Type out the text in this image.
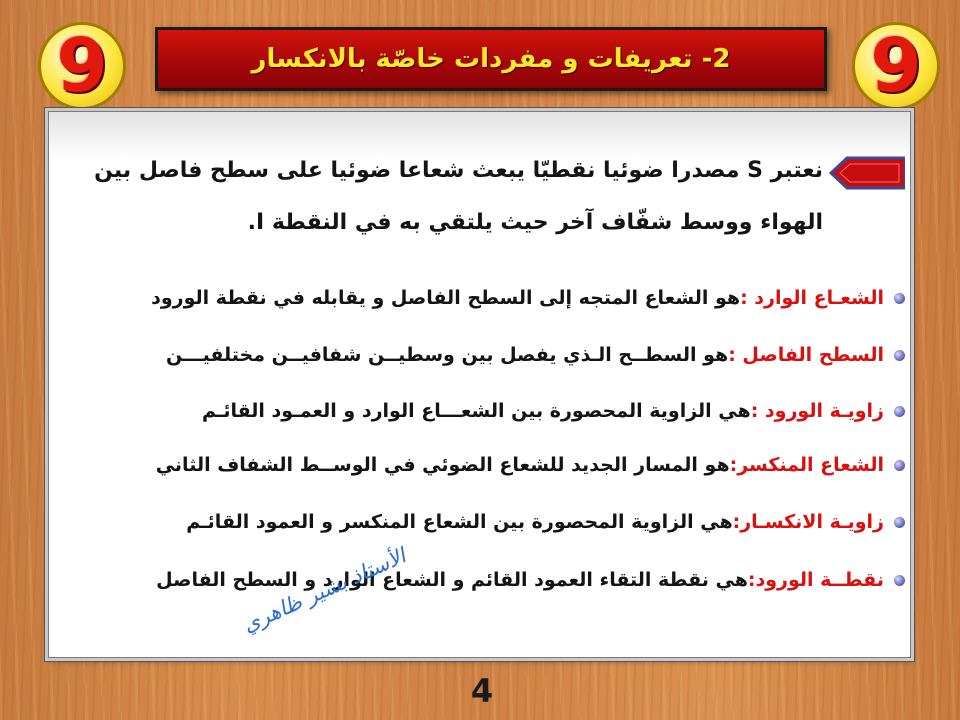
9	9
2- تعريفات و مفردات خاصّة بالانكسار
نعتبر S مصدرا ضوئيا نقطيّا يبعث شعاعا ضوئيا على سطح فاصل بين
الهواء ووسط شفّاف آخر حيث يلتقي به في النقطة I.
الشعـاع الوارد :
هو الشعاع المتجه إلى السطح الفاصل و يقابله في نقطة الورود
السطح الفاصل :
هو السطــح الـذي يفصل بين وسطيــن شفافيــن مختلفيـــن
زاويـة الورود :
هي الزاوية المحصورة بين الشعـــاع الوارد و العمـود القائـم
الشعاع المنكسر:
هو المسار الجديد للشعاع الضوئي في الوســط الشفاف الثاني
زاويـة الانكسـار:
هي الزاوية المحصورة بين الشعاع المنكسر و العمود القائـم
نقطــة الورود:
هي نقطة التقاء العمود القائم و الشعاع الوارد و السطح الفاصل
الأستاذ بشير ظاهري
4
